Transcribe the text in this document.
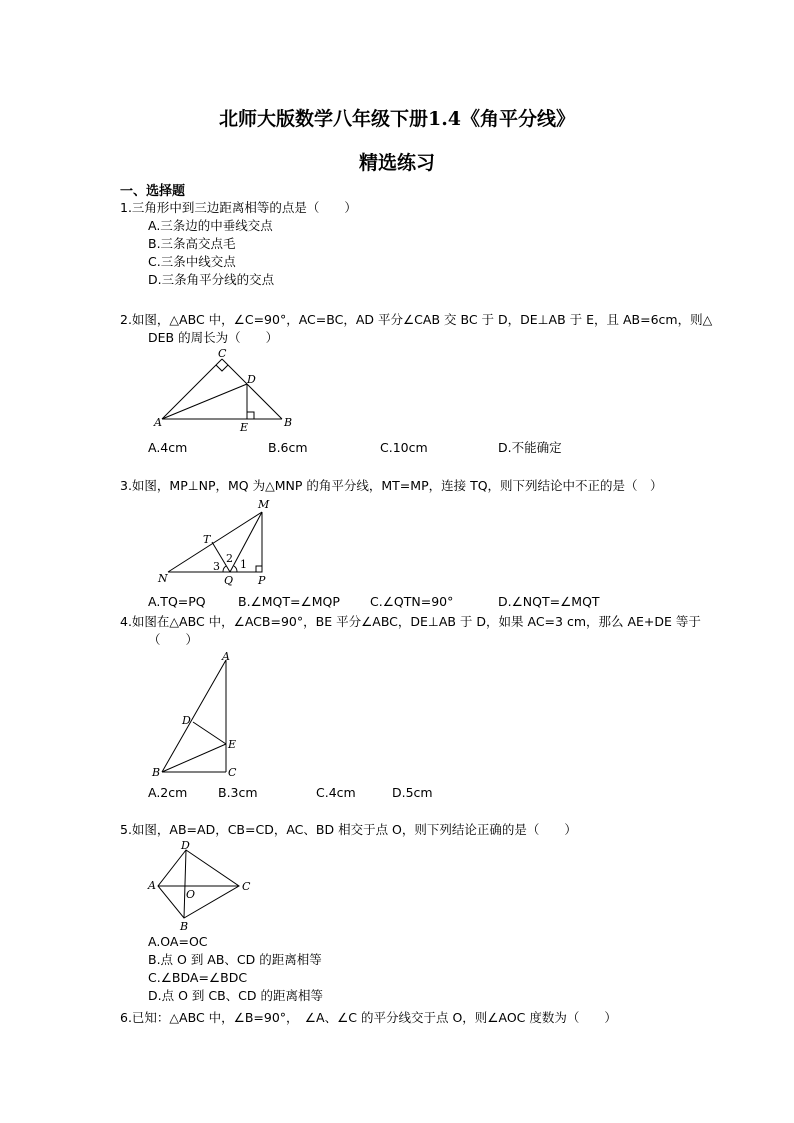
北师大版数学八年级下册1.4《角平分线》
精选练习
一、选择题
1.三角形中到三边距离相等的点是（　　）
A.三条边的中垂线交点
B.三条高交点毛
C.三条中线交点
D.三条角平分线的交点
2.如图，△ABC 中，∠C=90°，AC=BC，AD 平分∠CAB 交 BC 于 D，DE⊥AB 于 E，且 AB=6cm，则△
DEB 的周长为（　　）
A	B
C
D
E
A.4cm	B.6cm	C.10cm	D.不能确定
3.如图，MP⊥NP，MQ 为△MNP 的角平分线，MT=MP，连接 TQ，则下列结论中不正的是（　）
M
T
N	Q P
1
2
3
A.TQ=PQ	B.∠MQT=∠MQP C.∠QTN=90°	D.∠NQT=∠MQT
4.如图在△ABC 中，∠ACB=90°，BE 平分∠ABC，DE⊥AB 于 D，如果 AC=3 cm，那么 AE+DE 等于
（　　）
A
D
E
B	C
A.2cm B.3cm	C.4cm	D.5cm
5.如图，AB=AD，CB=CD，AC、BD 相交于点 O，则下列结论正确的是（　　）
D
A
O
C
B
A.OA=OC
B.点 O 到 AB、CD 的距离相等
C.∠BDA=∠BDC
D.点 O 到 CB、CD 的距离相等
6.已知：△ABC 中，∠B=90°，　∠A、∠C 的平分线交于点 O，则∠AOC 度数为（　　）
